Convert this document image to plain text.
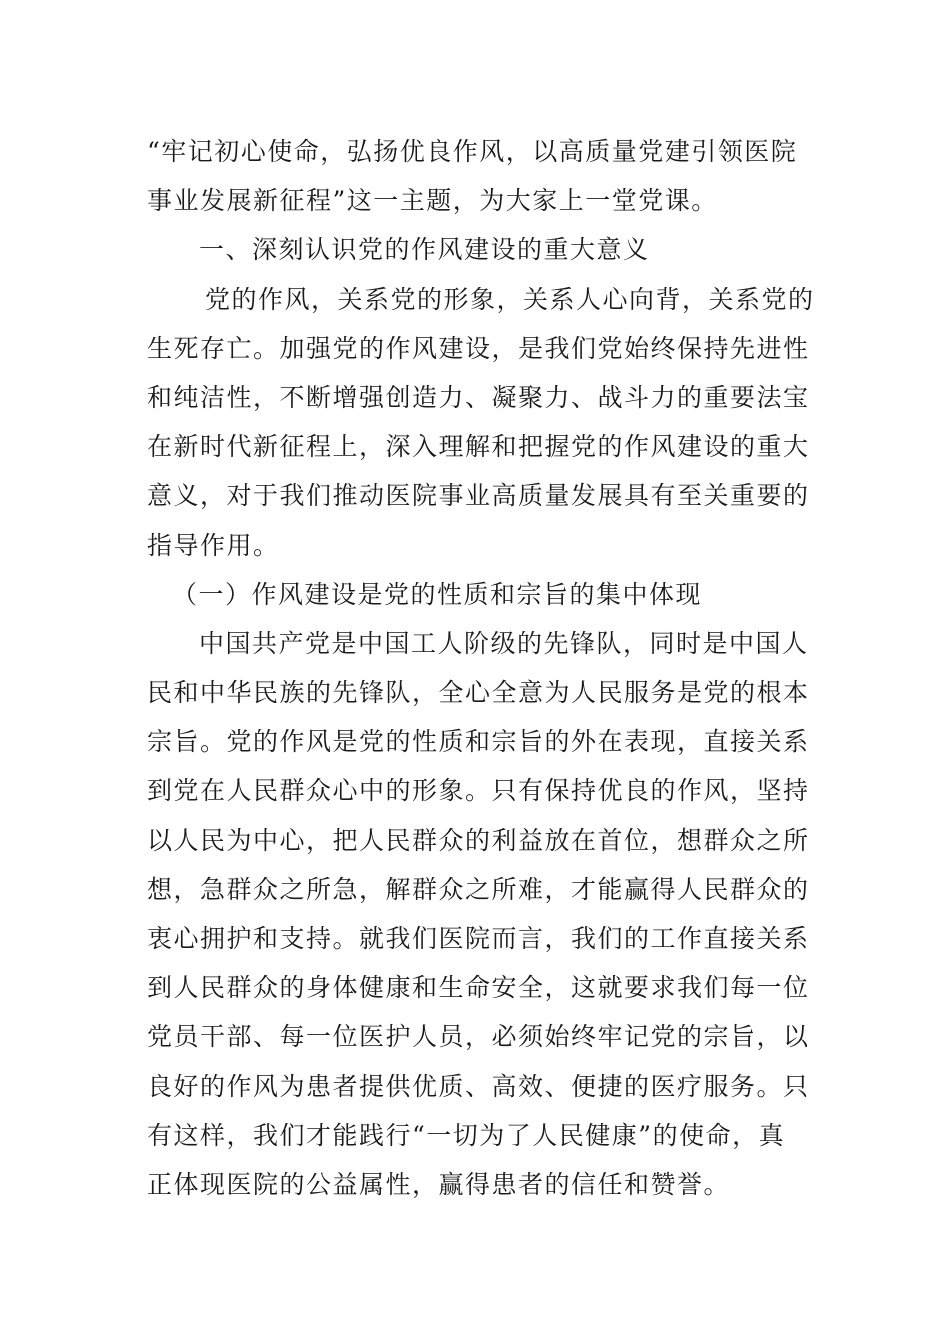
“牢记初心使命，弘扬优良作风，以高质量党建引领医院
事业发展新征程”这一主题，为大家上一堂党课。
一、深刻认识党的作风建设的重大意义
党的作风，关系党的形象，关系人心向背，关系党的
生死存亡。加强党的作风建设，是我们党始终保持先进性
和纯洁性，不断增强创造力、凝聚力、战斗力的重要法宝
在新时代新征程上，深入理解和把握党的作风建设的重大
意义，对于我们推动医院事业高质量发展具有至关重要的
指导作用。
（一）作风建设是党的性质和宗旨的集中体现
中国共产党是中国工人阶级的先锋队，同时是中国人
民和中华民族的先锋队，全心全意为人民服务是党的根本
宗旨。党的作风是党的性质和宗旨的外在表现，直接关系
到党在人民群众心中的形象。只有保持优良的作风，坚持
以人民为中心，把人民群众的利益放在首位，想群众之所
想，急群众之所急，解群众之所难，才能赢得人民群众的
衷心拥护和支持。就我们医院而言，我们的工作直接关系
到人民群众的身体健康和生命安全，这就要求我们每一位
党员干部、每一位医护人员，必须始终牢记党的宗旨，以
良好的作风为患者提供优质、高效、便捷的医疗服务。只
有这样，我们才能践行“一切为了人民健康”的使命，真
正体现医院的公益属性，赢得患者的信任和赞誉。
